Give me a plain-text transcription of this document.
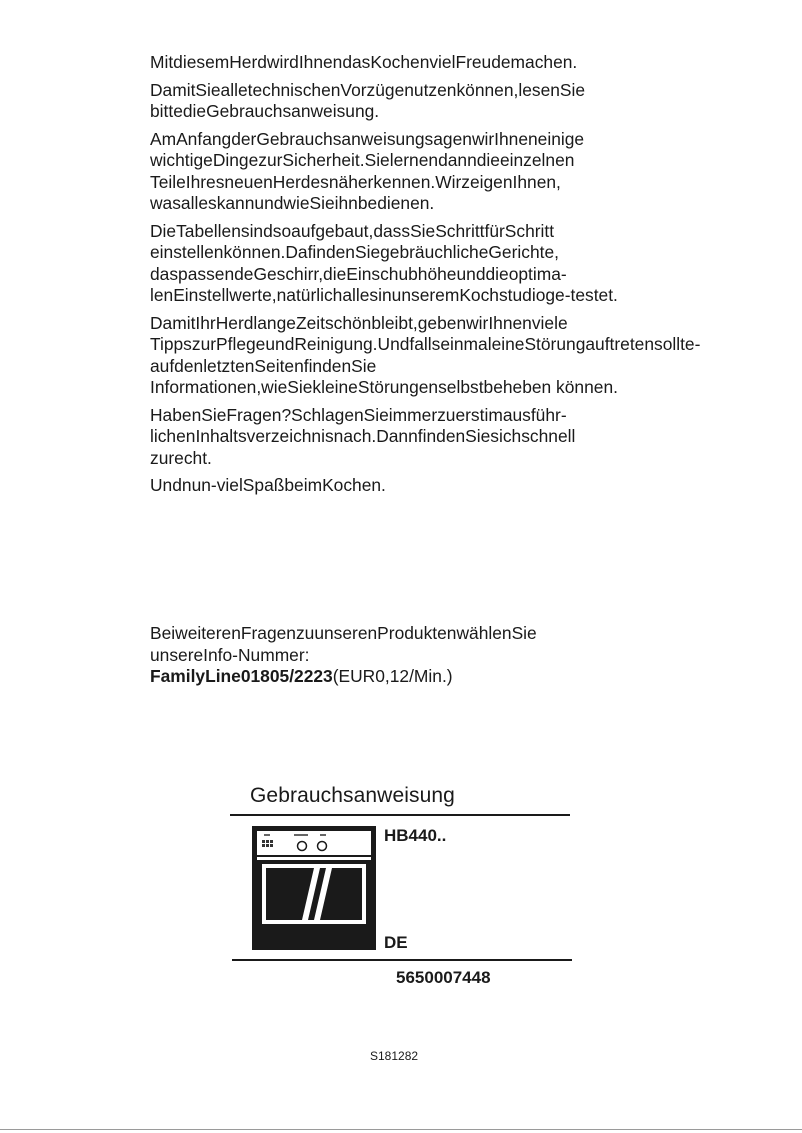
MitdiesemHerdwirdIhnendasKochenvielFreudemachen.

DamitSiealletechnischenVorzügenutzenkönnen,lesenSie bittedieGebrauchsanweisung.

AmAnfangderGebrauchsanweisungsagenwirIhneneinige wichtigeDingezurSicherheit.Sielernendanndieeinzelnen TeileIhresneuenHerdesnäherkennen.WirzeigenIhnen, wasalleskannundwieSieihnbedienen.

DieTabellensindsoaufgebaut,dassSieSchrittfürSchritt einstellenkönnen.DafindenSiegebräuchlicheGerichte, daspassendeGeschirr,dieEinschubhöheunddieoptima-lenEinstellwerte,natürlichallesinunseremKochstudioge-testet.

DamitIhrHerdlangeZeitschönbleibt,gebenwirIhnenviele TippszurPflegeundReinigung.UndfallseinmaleineStörungauftretensollte-aufdenletztenSeitenfindenSie Informationen,wieSiekleineStörungenselbstbeheben können.

HabenSieFragen?SchlagenSieimmerzuerstimausführ-lichenInhaltsverzeichnisnach.DannfindenSiesichschnell zurecht.

Undnun-vielSpaßbeimKochen.

BeiweiterenFragenzuunserenProduktenwählenSie unsereInfo-Nummer:

FamilyLine01805/2223(EUR0,12/Min.)

Gebrauchsanweisung
HB440..
DE
5650007448
S181282
